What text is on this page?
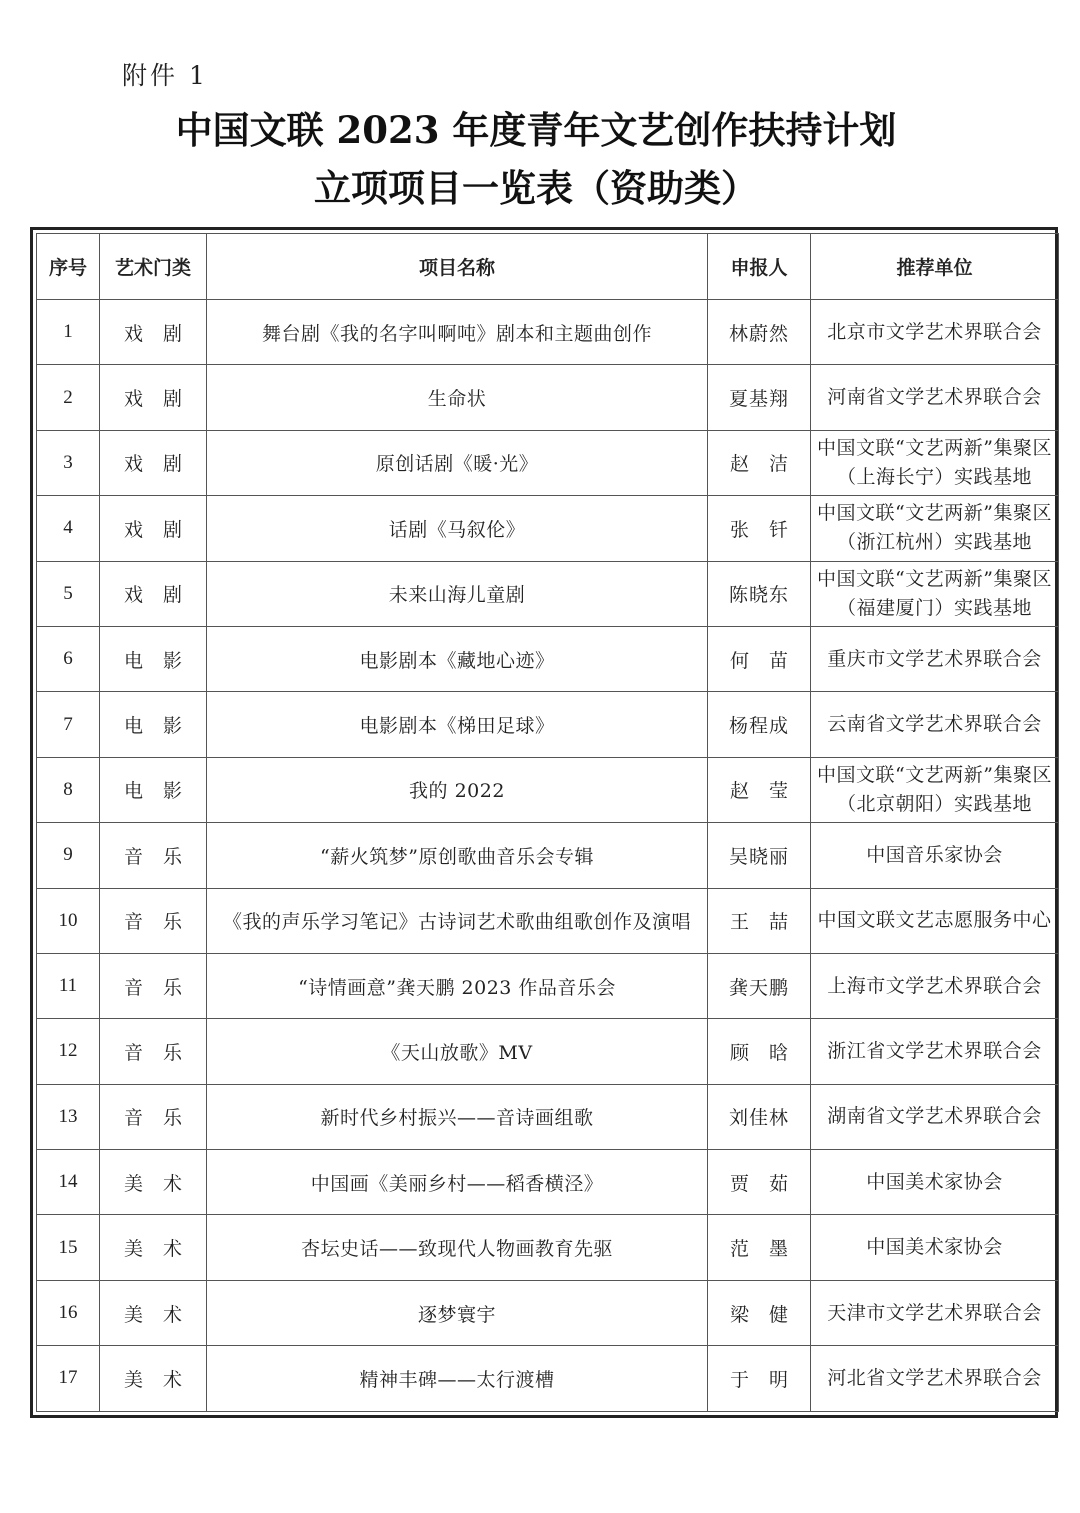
附件 1
中国文联 2023 年度青年文艺创作扶持计划
立项项目一览表（资助类）
序号	艺术门类	项目名称	申报人	推荐单位
1	戏剧	舞台剧《我的名字叫啊吨》剧本和主题曲创作	林蔚然	北京市文学艺术界联合会
2	戏剧	生命状	夏基翔	河南省文学艺术界联合会
3	戏剧	原创话剧《暖·光》	赵洁	中国文联“文艺两新”集聚区（上海长宁）实践基地
4	戏剧	话剧《马叙伦》	张钎	中国文联“文艺两新”集聚区（浙江杭州）实践基地
5	戏剧	未来山海儿童剧	陈晓东	中国文联“文艺两新”集聚区（福建厦门）实践基地
6	电影	电影剧本《藏地心迹》	何苗	重庆市文学艺术界联合会
7	电影	电影剧本《梯田足球》	杨程成	云南省文学艺术界联合会
8	电影	我的 2022	赵莹	中国文联“文艺两新”集聚区（北京朝阳）实践基地
9	音乐	“薪火筑梦”原创歌曲音乐会专辑	吴晓丽	中国音乐家协会
10	音乐	《我的声乐学习笔记》古诗词艺术歌曲组歌创作及演唱	王喆	中国文联文艺志愿服务中心
11	音乐	“诗情画意”龚天鹏 2023 作品音乐会	龚天鹏	上海市文学艺术界联合会
12	音乐	《天山放歌》MV	顾晗	浙江省文学艺术界联合会
13	音乐	新时代乡村振兴——音诗画组歌	刘佳林	湖南省文学艺术界联合会
14	美术	中国画《美丽乡村——稻香横泾》	贾茹	中国美术家协会
15	美术	杏坛史话——致现代人物画教育先驱	范墨	中国美术家协会
16	美术	逐梦寰宇	梁健	天津市文学艺术界联合会
17	美术	精神丰碑——太行渡槽	于明	河北省文学艺术界联合会
